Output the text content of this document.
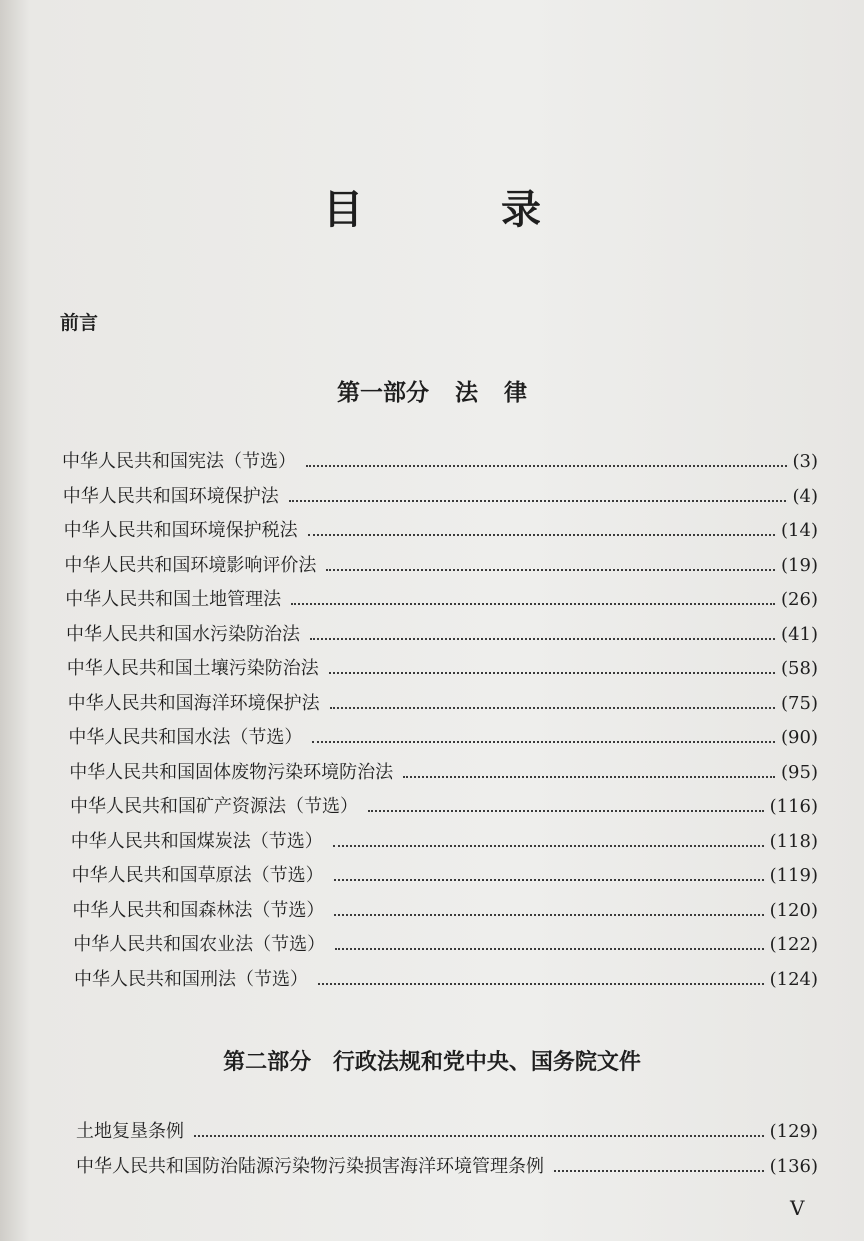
目 录
前言
第一部分 法 律
中华人民共和国宪法（节选）	(3)
中华人民共和国环境保护法	(4)
中华人民共和国环境保护税法	(14)
中华人民共和国环境影响评价法	(19)
中华人民共和国土地管理法	(26)
中华人民共和国水污染防治法	(41)
中华人民共和国土壤污染防治法	(58)
中华人民共和国海洋环境保护法	(75)
中华人民共和国水法（节选）	(90)
中华人民共和国固体废物污染环境防治法	(95)
中华人民共和国矿产资源法（节选）	(116)
中华人民共和国煤炭法（节选）	(118)
中华人民共和国草原法（节选）	(119)
中华人民共和国森林法（节选）	(120)
中华人民共和国农业法（节选）	(122)
中华人民共和国刑法（节选）	(124)
第二部分 行政法规和党中央、国务院文件
土地复垦条例	(129)
中华人民共和国防治陆源污染物污染损害海洋环境管理条例	(136)
V
